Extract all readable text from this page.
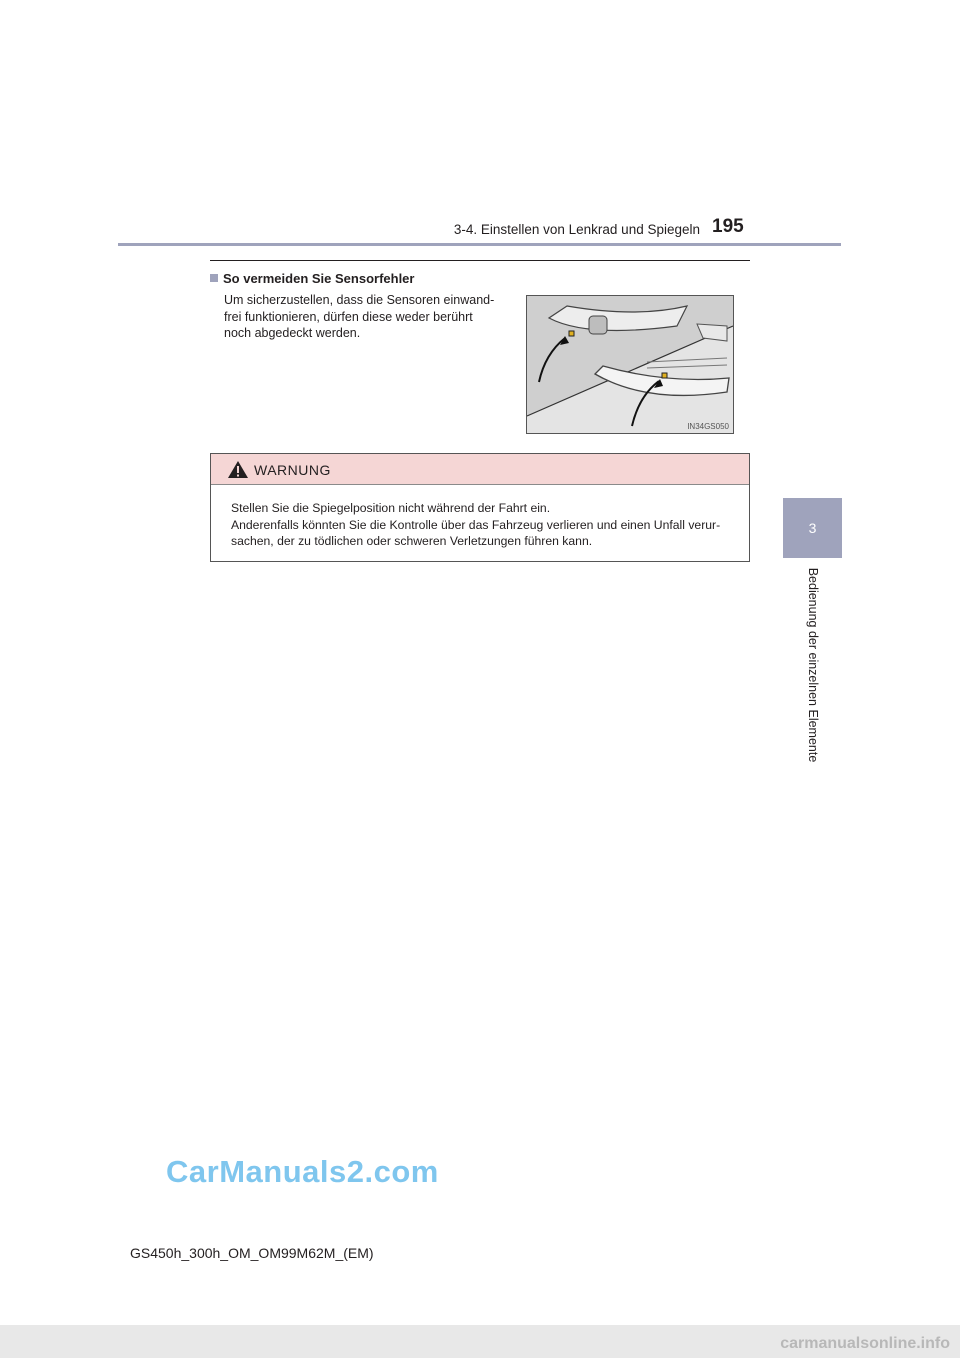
3-4. Einstellen von Lenkrad und Spiegeln 195
3
Bedienung der einzelnen Elemente
So vermeiden Sie Sensorfehler
Um sicherzustellen, dass die Sensoren einwand-
frei funktionieren, dürfen diese weder berührt
noch abgedeckt werden.
IN34GS050
WARNUNG
Stellen Sie die Spiegelposition nicht während der Fahrt ein.
Anderenfalls könnten Sie die Kontrolle über das Fahrzeug verlieren und einen Unfall verur-
sachen, der zu tödlichen oder schweren Verletzungen führen kann.
CarManuals2.com
GS450h_300h_OM_OM99M62M_(EM)
carmanualsonline.info
